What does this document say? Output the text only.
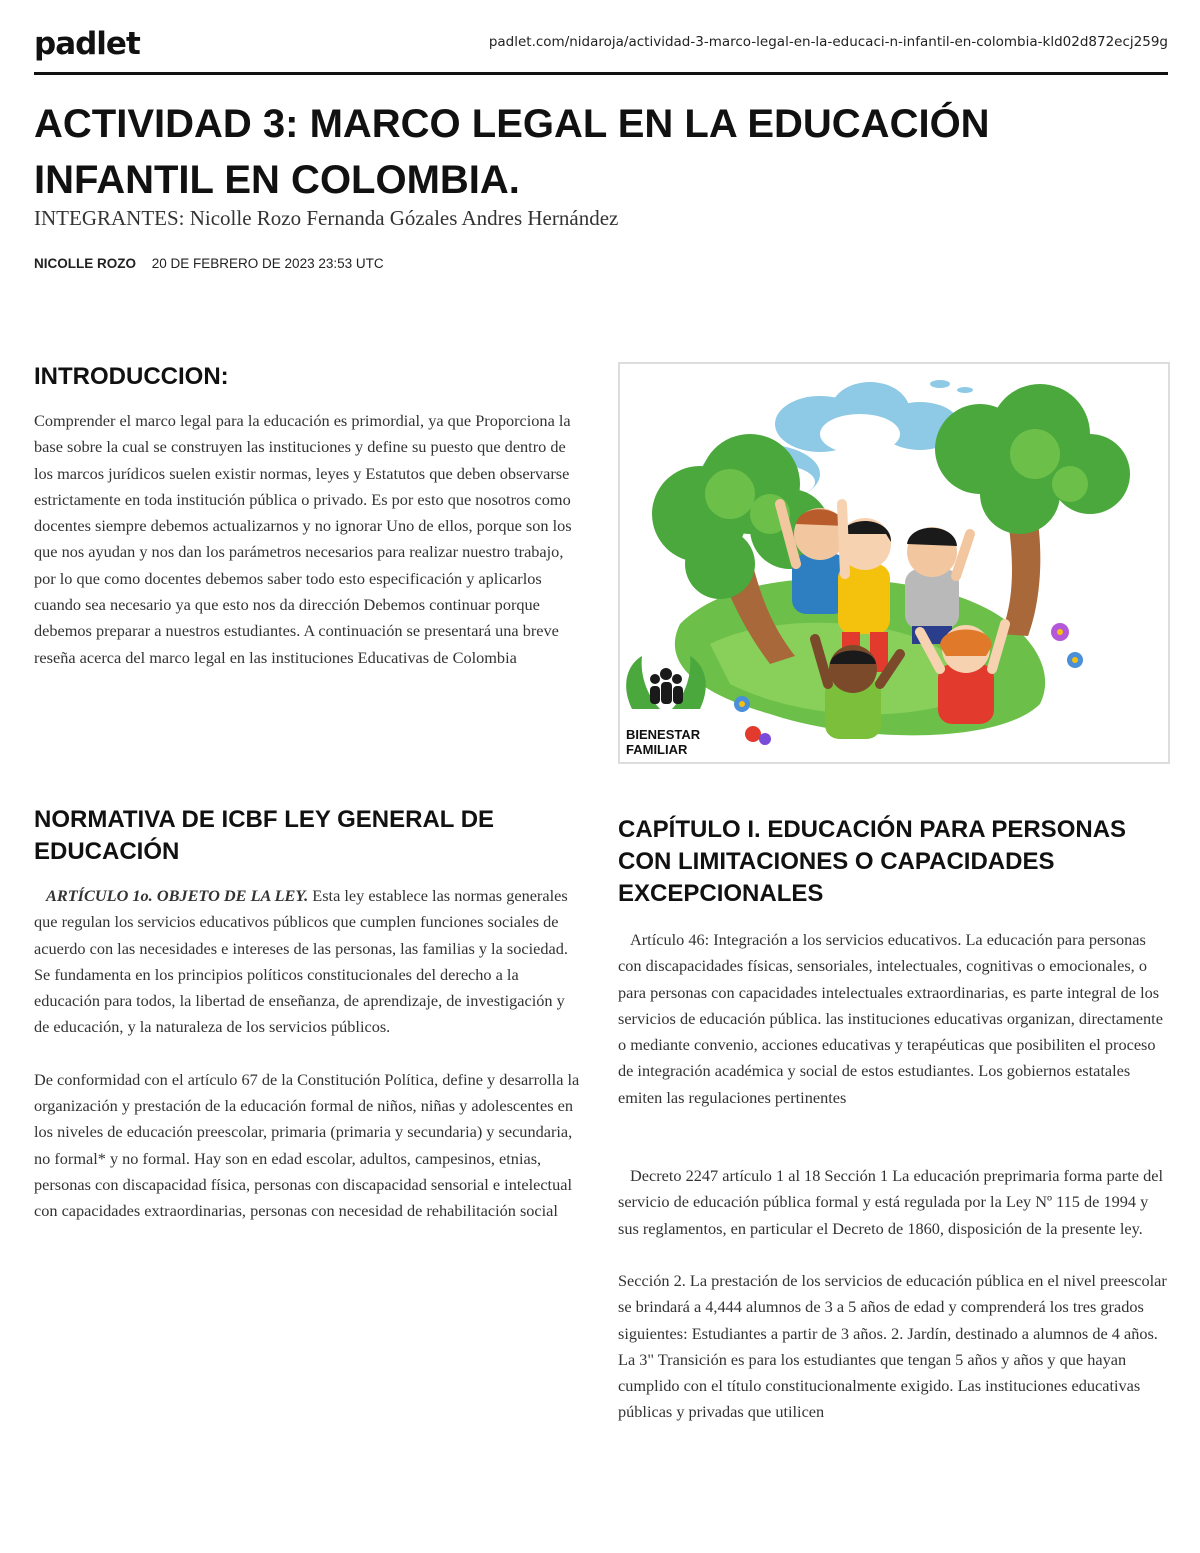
padlet	padlet.com/nidaroja/actividad-3-marco-legal-en-la-educaci-n-infantil-en-colombia-kld02d872ecj259g
ACTIVIDAD 3: MARCO LEGAL EN LA EDUCACIÓN INFANTIL EN COLOMBIA.
INTEGRANTES: Nicolle Rozo Fernanda Gózales Andres Hernández
NICOLLE ROZO 20 DE FEBRERO DE 2023 23:53 UTC
INTRODUCCION:

Comprender el marco legal para la educación es primordial, ya que Proporciona la base sobre la cual se construyen las instituciones y define su puesto que dentro de los marcos jurídicos suelen existir normas, leyes y Estatutos que deben observarse estrictamente en toda institución pública o privado. Es por esto que nosotros como docentes siempre debemos actualizarnos y no ignorar Uno de ellos, porque son los que nos ayudan y nos dan los parámetros necesarios para realizar nuestro trabajo, por lo que como docentes debemos saber todo esto especificación y aplicarlos cuando sea necesario ya que esto nos da dirección Debemos continuar porque debemos preparar a nuestros estudiantes. A continuación se presentará una breve reseña acerca del marco legal en las instituciones Educativas de Colombia

BIENESTAR
FAMILIAR
NORMATIVA DE ICBF LEY GENERAL DE EDUCACIÓN

ARTÍCULO 1o. OBJETO DE LA LEY. Esta ley establece las normas generales que regulan los servicios educativos públicos que cumplen funciones sociales de acuerdo con las necesidades e intereses de las personas, las familias y la sociedad. Se fundamenta en los principios políticos constitucionales del derecho a la educación para todos, la libertad de enseñanza, de aprendizaje, de investigación y de educación, y la naturaleza de los servicios públicos.

De conformidad con el artículo 67 de la Constitución Política, define y desarrolla la organización y prestación de la educación formal de niños, niñas y adolescentes en los niveles de educación preescolar, primaria (primaria y secundaria) y secundaria, no formal* y no formal. Hay son en edad escolar, adultos, campesinos, etnias, personas con discapacidad física, personas con discapacidad sensorial e intelectual con capacidades extraordinarias, personas con necesidad de rehabilitación social

CAPÍTULO I. EDUCACIÓN PARA PERSONAS CON LIMITACIONES O CAPACIDADES EXCEPCIONALES

Artículo 46: Integración a los servicios educativos. La educación para personas con discapacidades físicas, sensoriales, intelectuales, cognitivas o emocionales, o para personas con capacidades intelectuales extraordinarias, es parte integral de los servicios de educación pública. las instituciones educativas organizan, directamente o mediante convenio, acciones educativas y terapéuticas que posibiliten el proceso de integración académica y social de estos estudiantes. Los gobiernos estatales emiten las regulaciones pertinentes

Decreto 2247 artículo 1 al 18 Sección 1 La educación preprimaria forma parte del servicio de educación pública formal y está regulada por la Ley Nº 115 de 1994 y sus reglamentos, en particular el Decreto de 1860, disposición de la presente ley.

Sección 2. La prestación de los servicios de educación pública en el nivel preescolar se brindará a 4,444 alumnos de 3 a 5 años de edad y comprenderá los tres grados siguientes: Estudiantes a partir de 3 años. 2. Jardín, destinado a alumnos de 4 años. La 3" Transición es para los estudiantes que tengan 5 años y años y que hayan cumplido con el título constitucionalmente exigido. Las instituciones educativas públicas y privadas que utilicen
